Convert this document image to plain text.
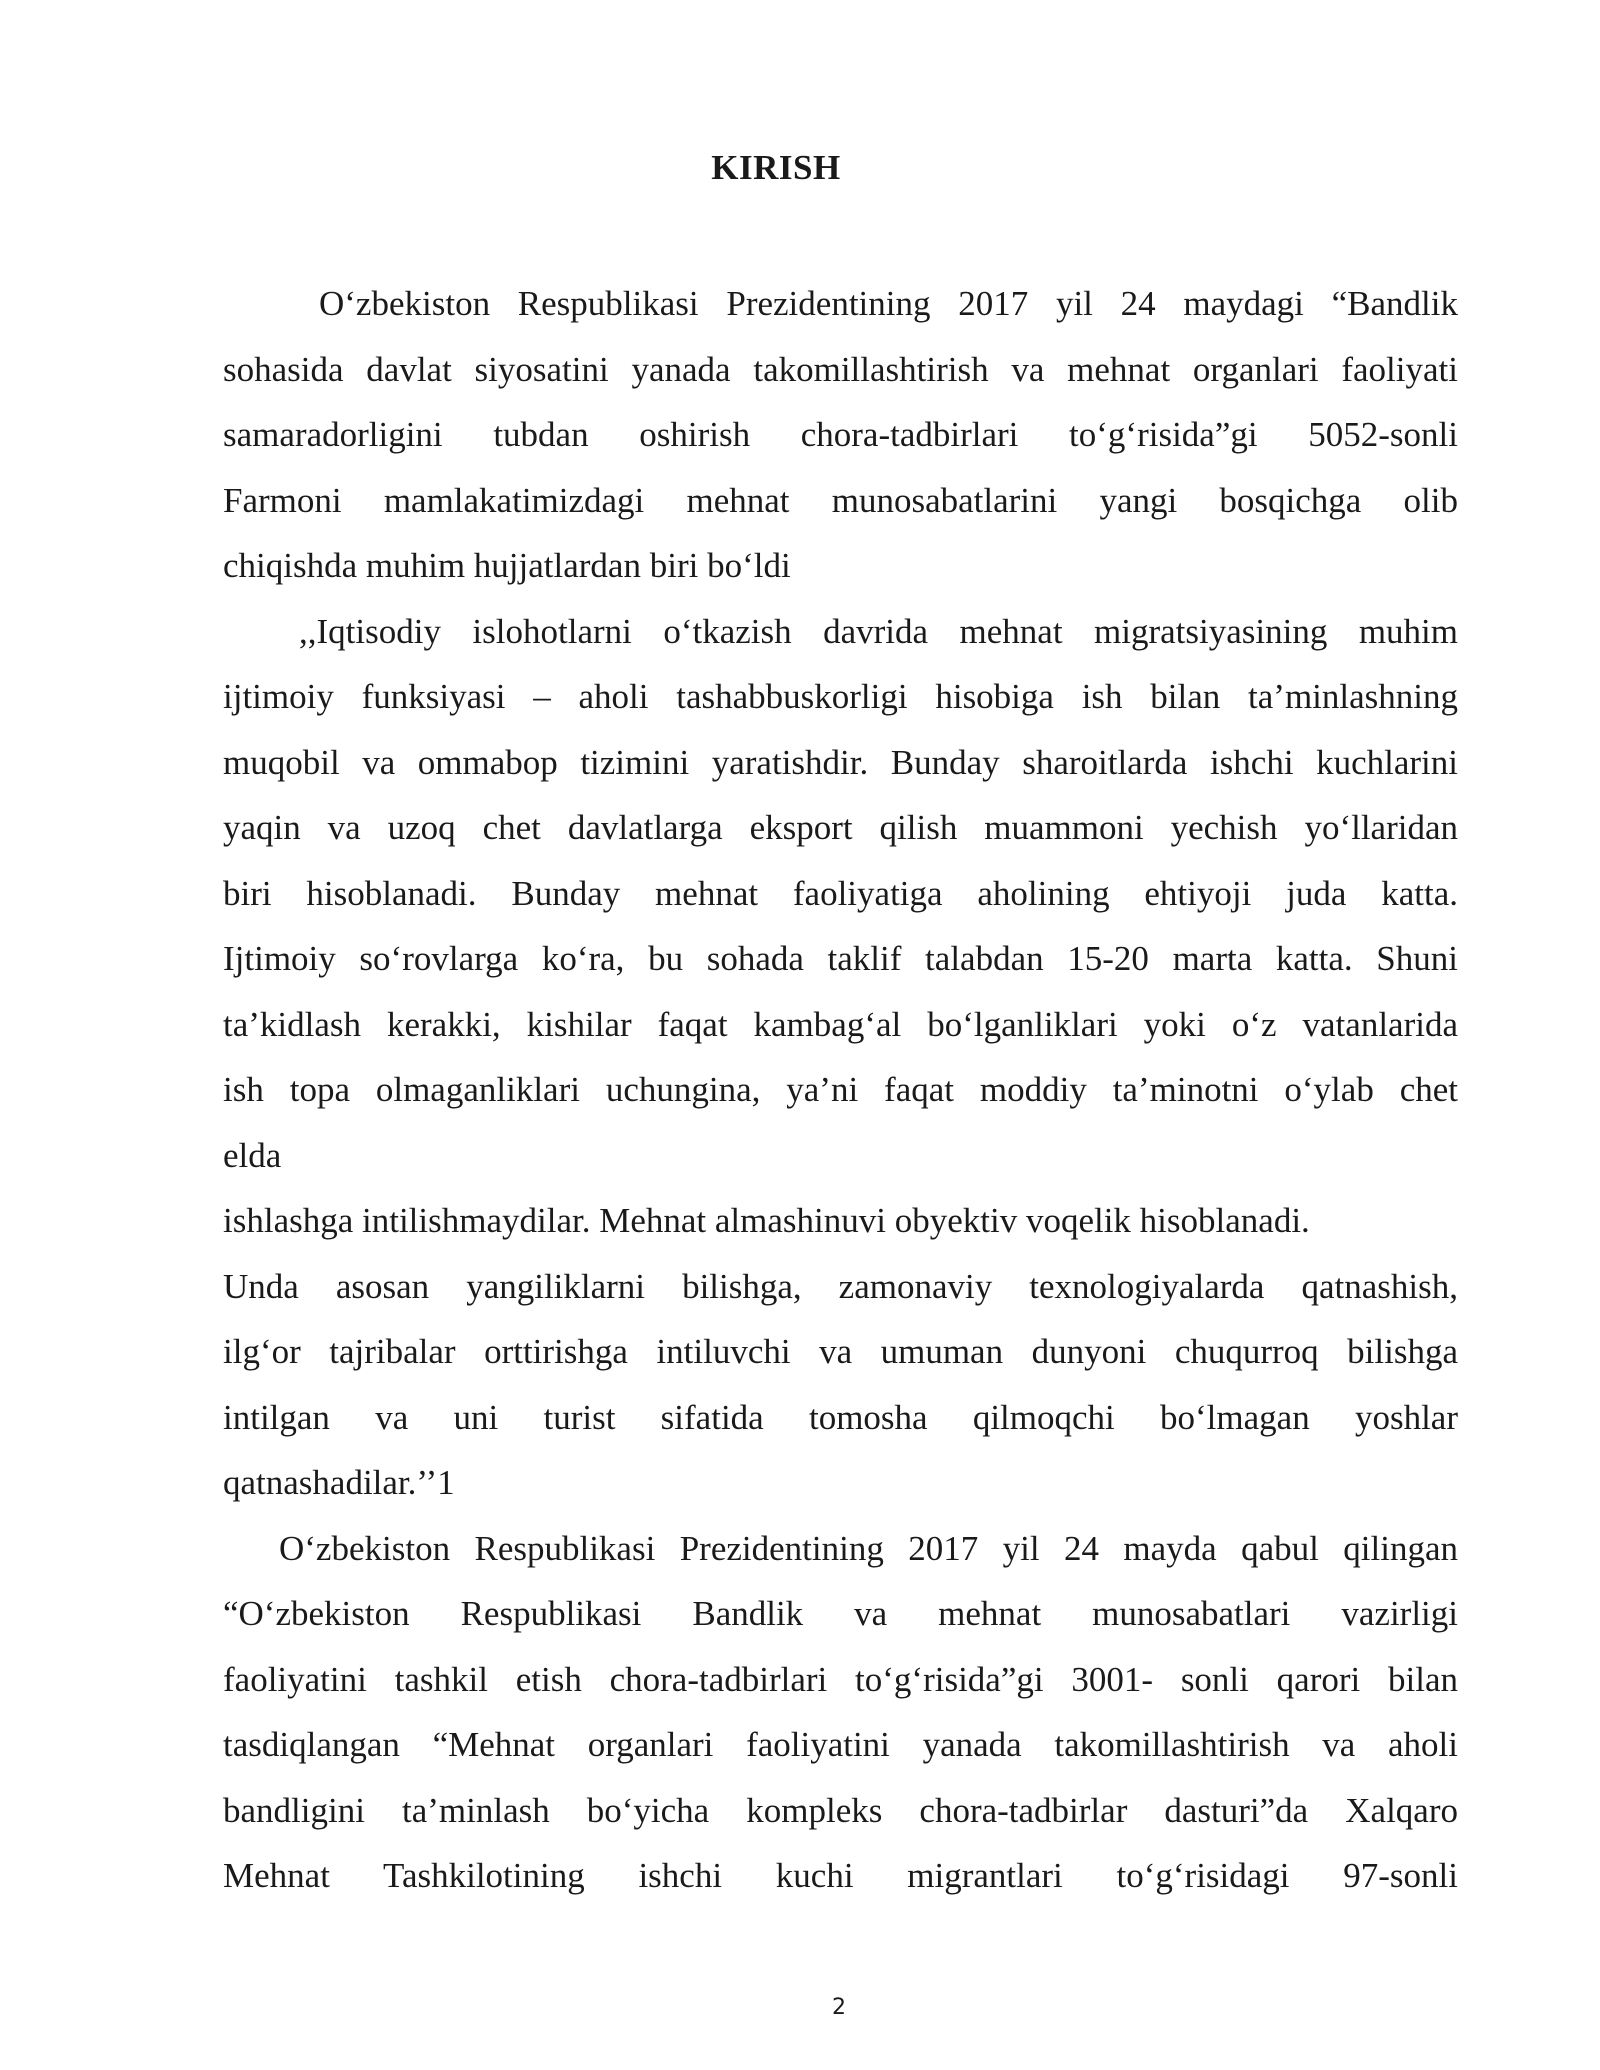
KIRISH
O‘zbekiston Respublikasi Prezidentining 2017 yil 24 maydagi “Bandlik
sohasida davlat siyosatini yanada takomillashtirish va mehnat organlari faoliyati
samaradorligini tubdan oshirish chora-tadbirlari to‘g‘risida”gi 5052-sonli
Farmoni mamlakatimizdagi mehnat munosabatlarini yangi bosqichga olib
chiqishda muhim hujjatlardan biri bo‘ldi
,,Iqtisodiy islohotlarni o‘tkazish davrida mehnat migratsiyasining muhim
ijtimoiy funksiyasi – aholi tashabbuskorligi hisobiga ish bilan ta’minlashning
muqobil va ommabop tizimini yaratishdir. Bunday sharoitlarda ishchi kuchlarini
yaqin va uzoq chet davlatlarga eksport qilish muammoni yechish yo‘llaridan
biri hisoblanadi. Bunday mehnat faoliyatiga aholining ehtiyoji juda katta.
Ijtimoiy so‘rovlarga ko‘ra, bu sohada taklif talabdan 15-20 marta katta. Shuni
ta’kidlash kerakki, kishilar faqat kambag‘al bo‘lganliklari yoki o‘z vatanlarida
ish topa olmaganliklari uchungina, ya’ni faqat moddiy ta’minotni o‘ylab chet
elda
ishlashga intilishmaydilar. Mehnat almashinuvi obyektiv voqelik hisoblanadi.
Unda asosan yangiliklarni bilishga, zamonaviy texnologiyalarda qatnashish,
ilg‘or tajribalar orttirishga intiluvchi va umuman dunyoni chuqurroq bilishga
intilgan va uni turist sifatida tomosha qilmoqchi bo‘lmagan yoshlar
qatnashadilar.’’1
O‘zbekiston Respublikasi Prezidentining 2017 yil 24 mayda qabul qilingan
“O‘zbekiston Respublikasi Bandlik va mehnat munosabatlari vazirligi
faoliyatini tashkil etish chora-tadbirlari to‘g‘risida”gi 3001- sonli qarori bilan
tasdiqlangan “Mehnat organlari faoliyatini yanada takomillashtirish va aholi
bandligini ta’minlash bo‘yicha kompleks chora-tadbirlar dasturi”da Xalqaro
Mehnat Tashkilotining ishchi kuchi migrantlari to‘g‘risidagi 97-sonli
2
